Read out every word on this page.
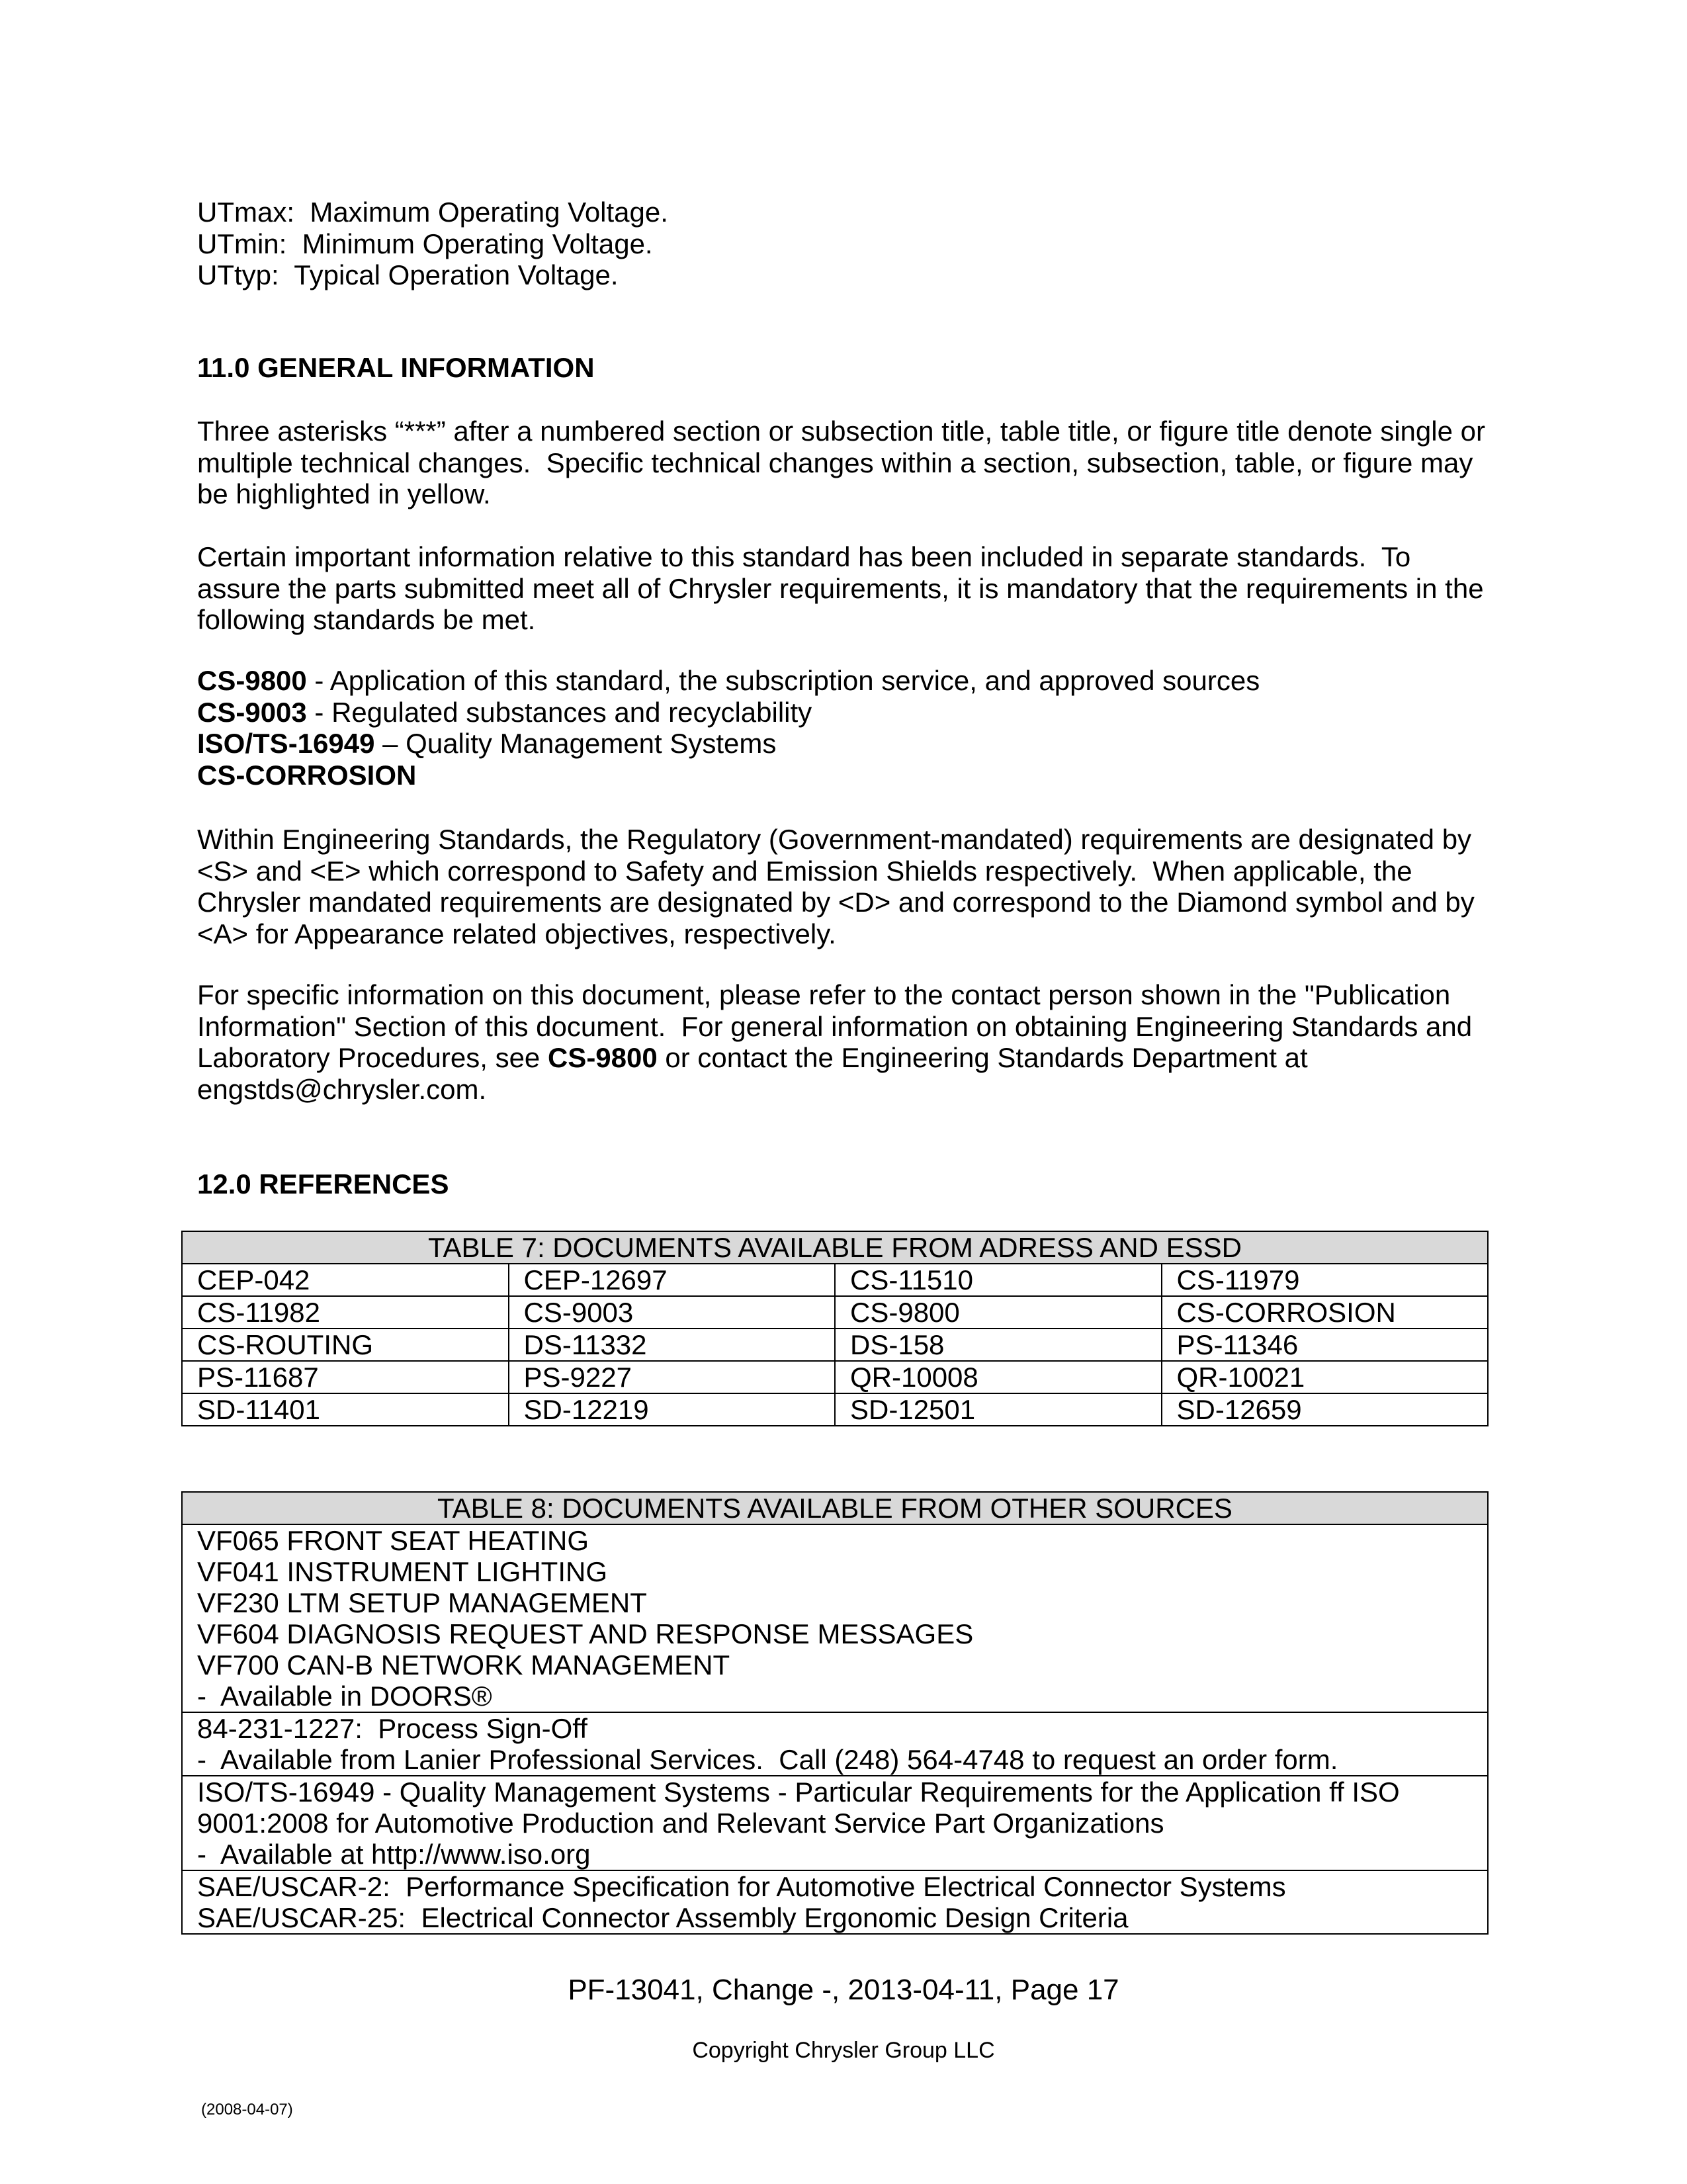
UTmax:  Maximum Operating Voltage.
UTmin:  Minimum Operating Voltage.
UTtyp:  Typical Operation Voltage.
11.0 GENERAL INFORMATION
Three asterisks “***” after a numbered section or subsection title, table title, or figure title denote single or
multiple technical changes.  Specific technical changes within a section, subsection, table, or figure may
be highlighted in yellow.
Certain important information relative to this standard has been included in separate standards.  To
assure the parts submitted meet all of Chrysler requirements, it is mandatory that the requirements in the
following standards be met.
CS-9800 - Application of this standard, the subscription service, and approved sources
CS-9003 - Regulated substances and recyclability
ISO/TS-16949 – Quality Management Systems
CS-CORROSION
Within Engineering Standards, the Regulatory (Government-mandated) requirements are designated by
<S> and <E> which correspond to Safety and Emission Shields respectively.  When applicable, the
Chrysler mandated requirements are designated by <D> and correspond to the Diamond symbol and by
<A> for Appearance related objectives, respectively.
For specific information on this document, please refer to the contact person shown in the "Publication
Information" Section of this document.  For general information on obtaining Engineering Standards and
Laboratory Procedures, see CS-9800 or contact the Engineering Standards Department at
engstds@chrysler.com.
12.0 REFERENCES
TABLE 7: DOCUMENTS AVAILABLE FROM ADRESS AND ESSD			
CEP-042	CEP-12697	CS-11510	CS-11979
CS-11982	CS-9003	CS-9800	CS-CORROSION
CS-ROUTING	DS-11332	DS-158	PS-11346
PS-11687	PS-9227	QR-10008	QR-10021
SD-11401	SD-12219	SD-12501	SD-12659
TABLE 8: DOCUMENTS AVAILABLE FROM OTHER SOURCES

VF065 FRONT SEAT HEATING
VF041 INSTRUMENT LIGHTING
VF230 LTM SETUP MANAGEMENT
VF604 DIAGNOSIS REQUEST AND RESPONSE MESSAGES
VF700 CAN-B NETWORK MANAGEMENT
-  Available in DOORS®

84-231-1227:  Process Sign-Off
-  Available from Lanier Professional Services.  Call (248) 564-4748 to request an order form.

ISO/TS-16949 - Quality Management Systems - Particular Requirements for the Application ff ISO
9001:2008 for Automotive Production and Relevant Service Part Organizations
-  Available at http://www.iso.org

SAE/USCAR-2:  Performance Specification for Automotive Electrical Connector Systems
SAE/USCAR-25:  Electrical Connector Assembly Ergonomic Design Criteria
PF-13041, Change -, 2013-04-11, Page 17
Copyright Chrysler Group LLC
(2008-04-07)
